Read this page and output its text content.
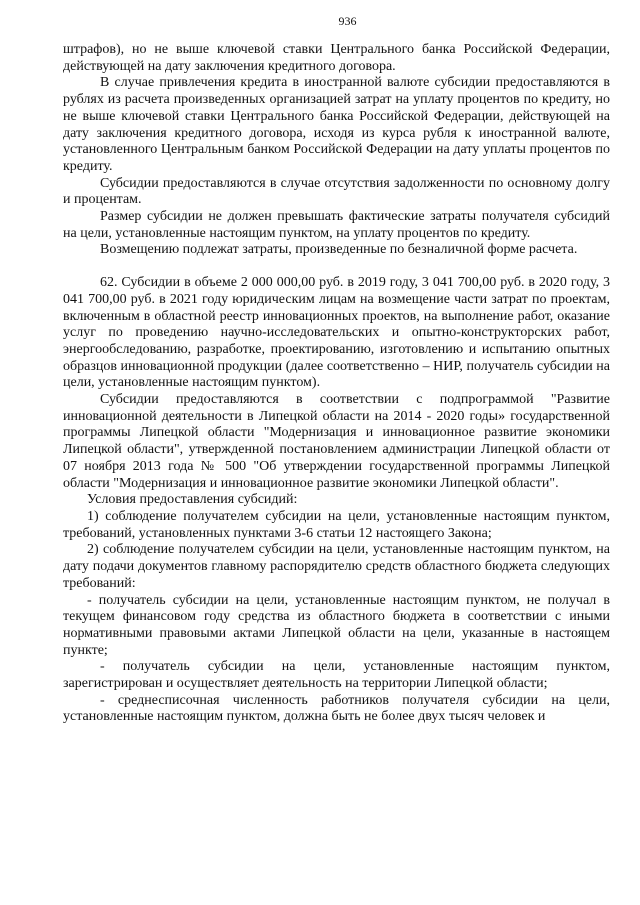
936

штрафов), но не выше ключевой ставки Центрального банка Российской Федерации, действующей на дату заключения кредитного договора.

В случае привлечения кредита в иностранной валюте субсидии предоставляются в рублях из расчета произведенных организацией затрат на уплату процентов по кредиту, но не выше ключевой ставки Центрального банка Российской Федерации, действующей на дату заключения кредитного договора, исходя из курса рубля к иностранной валюте, установленного Центральным банком Российской Федерации на дату уплаты процентов по кредиту.

Субсидии предоставляются в случае отсутствия задолженности по основному долгу и процентам.

Размер субсидии не должен превышать фактические затраты получателя субсидий на цели, установленные настоящим пунктом, на уплату процентов по кредиту.

Возмещению подлежат затраты, произведенные по безналичной форме расчета.

62. Субсидии в объеме 2 000 000,00 руб. в 2019 году, 3 041 700,00 руб. в 2020 году, 3 041 700,00 руб. в 2021 году юридическим лицам на возмещение части затрат по проектам, включенным в областной реестр инновационных проектов, на выполнение работ, оказание услуг по проведению научно-исследовательских и опытно-конструкторских работ, энергообследованию, разработке, проектированию, изготовлению и испытанию опытных образцов инновационной продукции (далее соответственно – НИР, получатель субсидии на цели, установленные настоящим пунктом).

Субсидии предоставляются в соответствии с подпрограммой "Развитие инновационной деятельности в Липецкой области на 2014 - 2020 годы» государственной программы Липецкой области "Модернизация и инновационное развитие экономики Липецкой области", утвержденной постановлением администрации Липецкой области от 07 ноября 2013 года № 500 "Об утверждении государственной программы Липецкой области "Модернизация и инновационное развитие экономики Липецкой области".

Условия предоставления субсидий:

1) соблюдение получателем субсидии на цели, установленные настоящим пунктом, требований, установленных пунктами 3-6 статьи 12 настоящего Закона;

2) соблюдение получателем субсидии на цели, установленные настоящим пунктом, на дату подачи документов главному распорядителю средств областного бюджета следующих требований:

- получатель субсидии на цели, установленные настоящим пунктом, не получал в текущем финансовом году средства из областного бюджета в соответствии с иными нормативными правовыми актами Липецкой области на цели, указанные в настоящем пункте;

- получатель субсидии на цели, установленные настоящим пунктом, зарегистрирован и осуществляет деятельность на территории Липецкой области;

- среднесписочная численность работников получателя субсидии на цели, установленные настоящим пунктом, должна быть не более двух тысяч человек и
